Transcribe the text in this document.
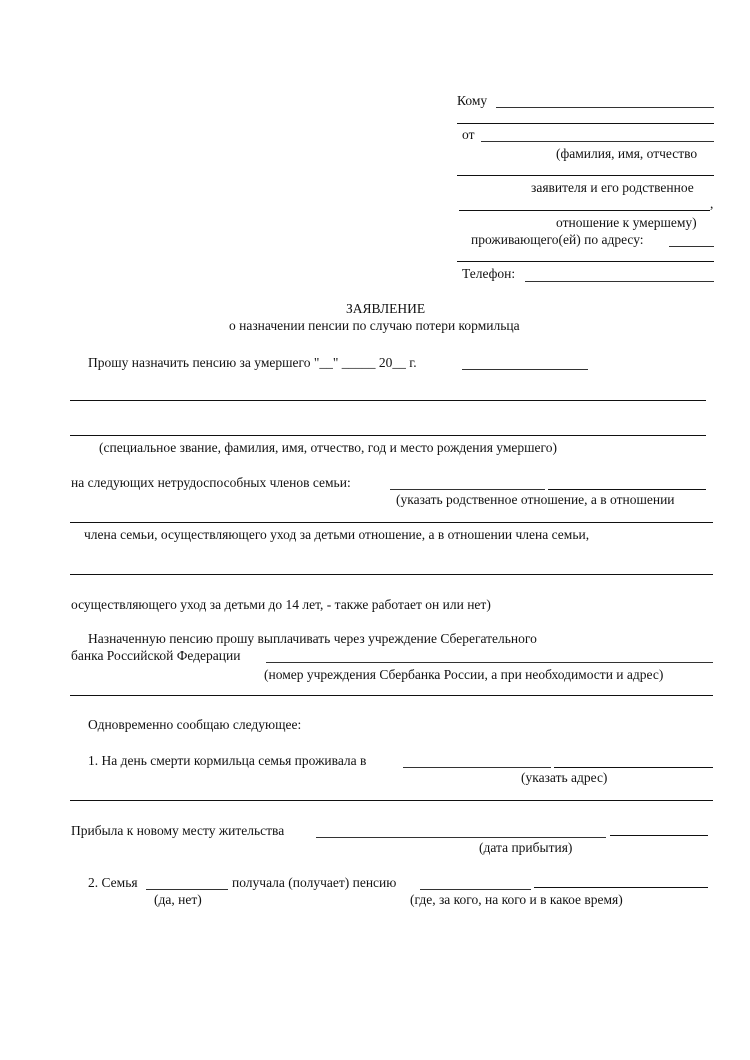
Кому
от
(фамилия, имя, отчество
заявителя и его родственное
,
отношение к умершему)
проживающего(ей) по адресу:
Телефон:
ЗАЯВЛЕНИЕ
о назначении пенсии по случаю потери кормильца
Прошу назначить пенсию за умершего "__" _____ 20__ г.
(специальное звание, фамилия, имя, отчество, год и место рождения умершего)
на следующих нетрудоспособных членов семьи:
(указать родственное отношение, а в отношении
члена семьи, осуществляющего уход за детьми отношение, а в отношении члена семьи,
осуществляющего уход за детьми до 14 лет, - также работает он или нет)
Назначенную пенсию прошу выплачивать через учреждение Сберегательного
банка Российской Федерации
(номер учреждения Сбербанка России, а при необходимости и адрес)
Одновременно сообщаю следующее:
1. На день смерти кормильца семья проживала в
(указать адрес)
Прибыла к новому месту жительства
(дата прибытия)
2. Семья	получала (получает) пенсию
(да, нет)	(где, за кого, на кого и в какое время)
